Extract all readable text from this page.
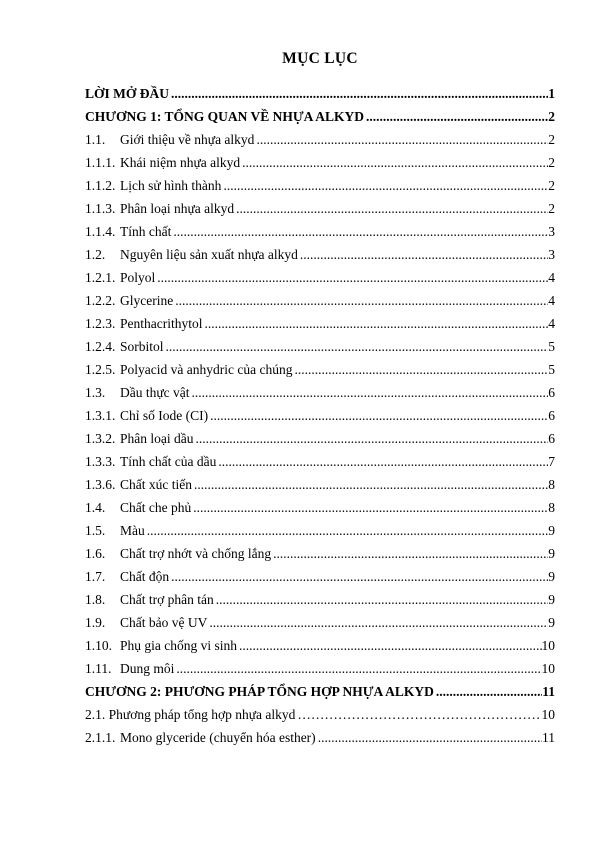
MỤC LỤC
LỜI MỞ ĐẦU .....	1
CHƯƠNG 1: TỔNG QUAN VỀ NHỰA ALKYD .....	2
1.1.	Giới thiệu về nhựa alkyd .....	2
1.1.1. Khái niệm nhựa alkyd .....	2
1.1.2. Lịch sử hình thành .....	2
1.1.3. Phân loại nhựa alkyd .....	2
1.1.4. Tính chất .....	3
1.2.	Nguyên liệu sản xuất nhựa alkyd .....	3
1.2.1. Polyol .....	4
1.2.2. Glycerine .....	4
1.2.3. Penthacrithytol .....	4
1.2.4. Sorbitol .....	5
1.2.5. Polyacid và anhydric của chúng .....	5
1.3.	Dầu thực vật .....	6
1.3.1. Chỉ số Iode (CI) .....	6
1.3.2. Phân loại dầu .....	6
1.3.3. Tính chất của dầu .....	7
1.3.6. Chất xúc tiến .....	8
1.4.	Chất che phủ .....	8
1.5.	Màu .....	9
1.6.	Chất trợ nhớt và chống lắng .....	9
1.7.	Chất độn .....	9
1.8.	Chất trợ phân tán .....	9
1.9.	Chất bảo vệ UV .....	9
1.10. Phụ gia chống vi sinh .....	10
1.11. Dung môi .....	10
CHƯƠNG 2: PHƯƠNG PHÁP TỔNG HỢP NHỰA ALKYD .....	11
2.1. Phương pháp tổng hợp nhựa alkyd ……………………………………………………………………………………………………	10
2.1.1. Mono glyceride (chuyển hóa esther) .....	11
